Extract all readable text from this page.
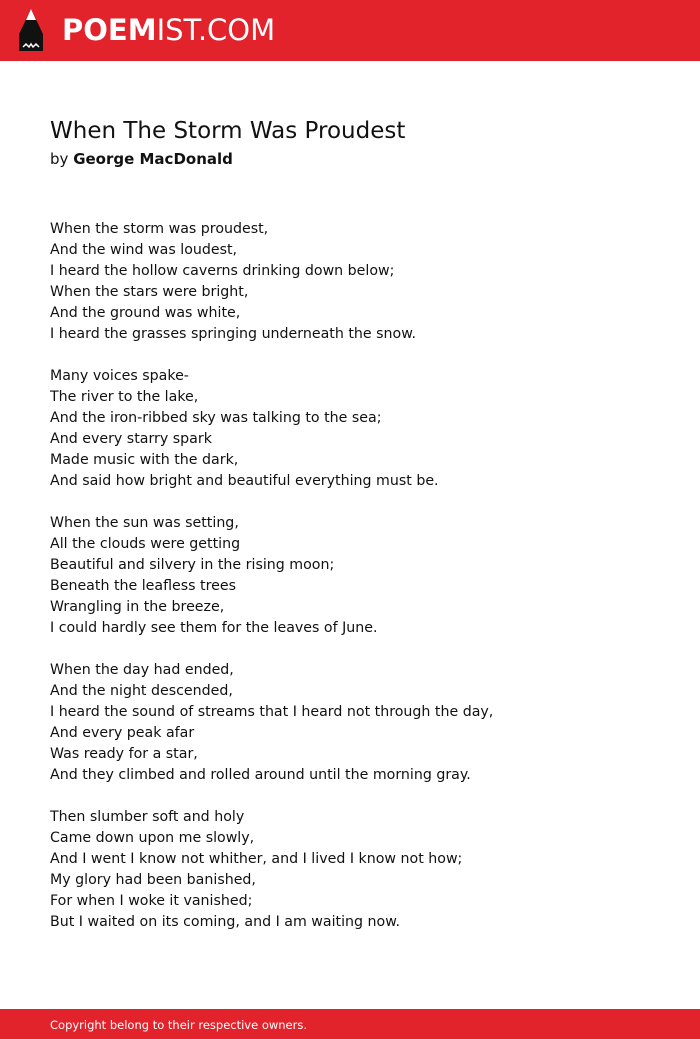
POEMIST.COM
When The Storm Was Proudest
by George MacDonald
When the storm was proudest,
And the wind was loudest,
I heard the hollow caverns drinking down below;
When the stars were bright,
And the ground was white,
I heard the grasses springing underneath the snow.
Many voices spake-
The river to the lake,
And the iron-ribbed sky was talking to the sea;
And every starry spark
Made music with the dark,
And said how bright and beautiful everything must be.
When the sun was setting,
All the clouds were getting
Beautiful and silvery in the rising moon;
Beneath the leafless trees
Wrangling in the breeze,
I could hardly see them for the leaves of June.
When the day had ended,
And the night descended,
I heard the sound of streams that I heard not through the day,
And every peak afar
Was ready for a star,
And they climbed and rolled around until the morning gray.
Then slumber soft and holy
Came down upon me slowly,
And I went I know not whither, and I lived I know not how;
My glory had been banished,
For when I woke it vanished;
But I waited on its coming, and I am waiting now.
Copyright belong to their respective owners.
